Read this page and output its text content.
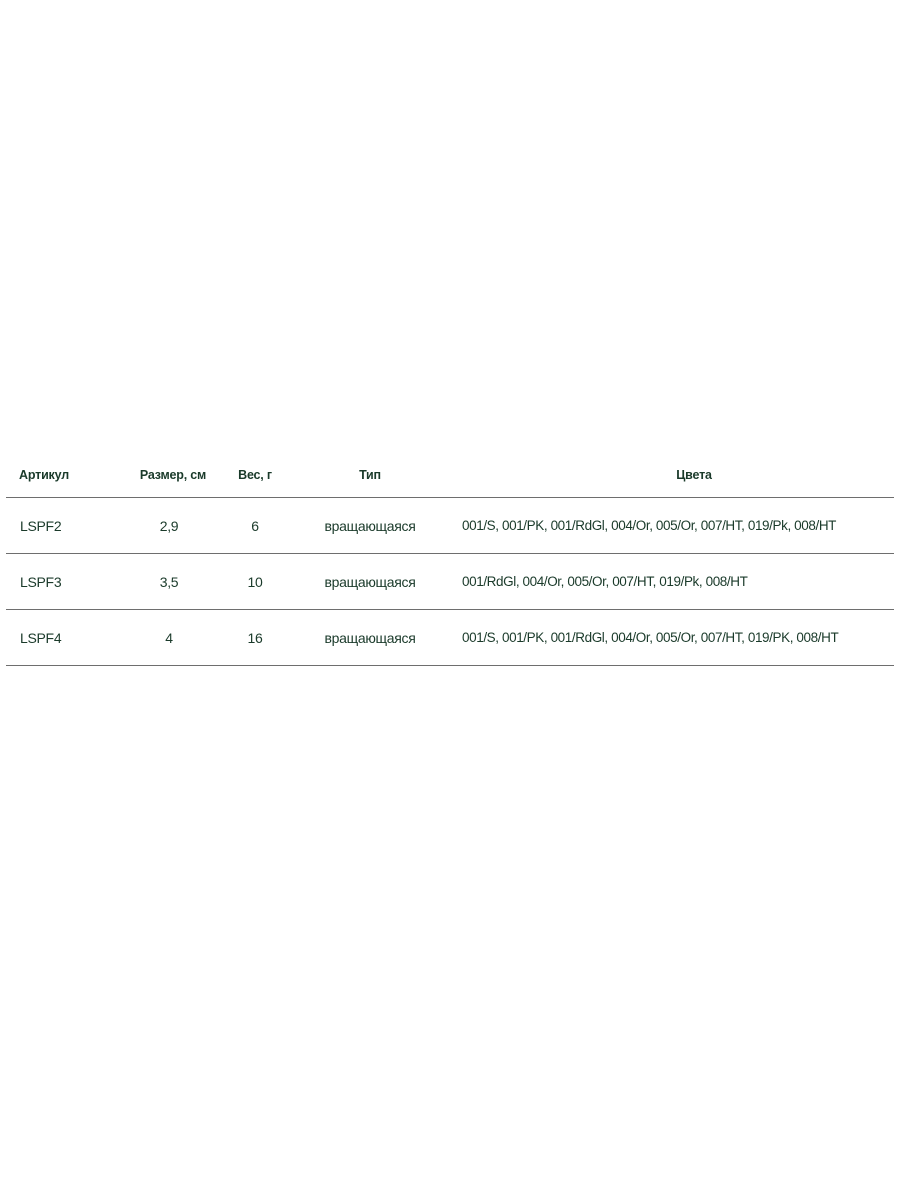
Артикул	Размер, см	Вес, г	Тип	Цвета
LSPF2	2,9	6	вращающаяся	001/S, 001/PK, 001/RdGl, 004/Or, 005/Or, 007/HT, 019/Pk, 008/HT
LSPF3	3,5	10	вращающаяся	001/RdGl, 004/Or, 005/Or, 007/HT, 019/Pk, 008/HT
LSPF4	4	16	вращающаяся	001/S, 001/PK, 001/RdGl, 004/Or, 005/Or, 007/HT, 019/PK, 008/HT
